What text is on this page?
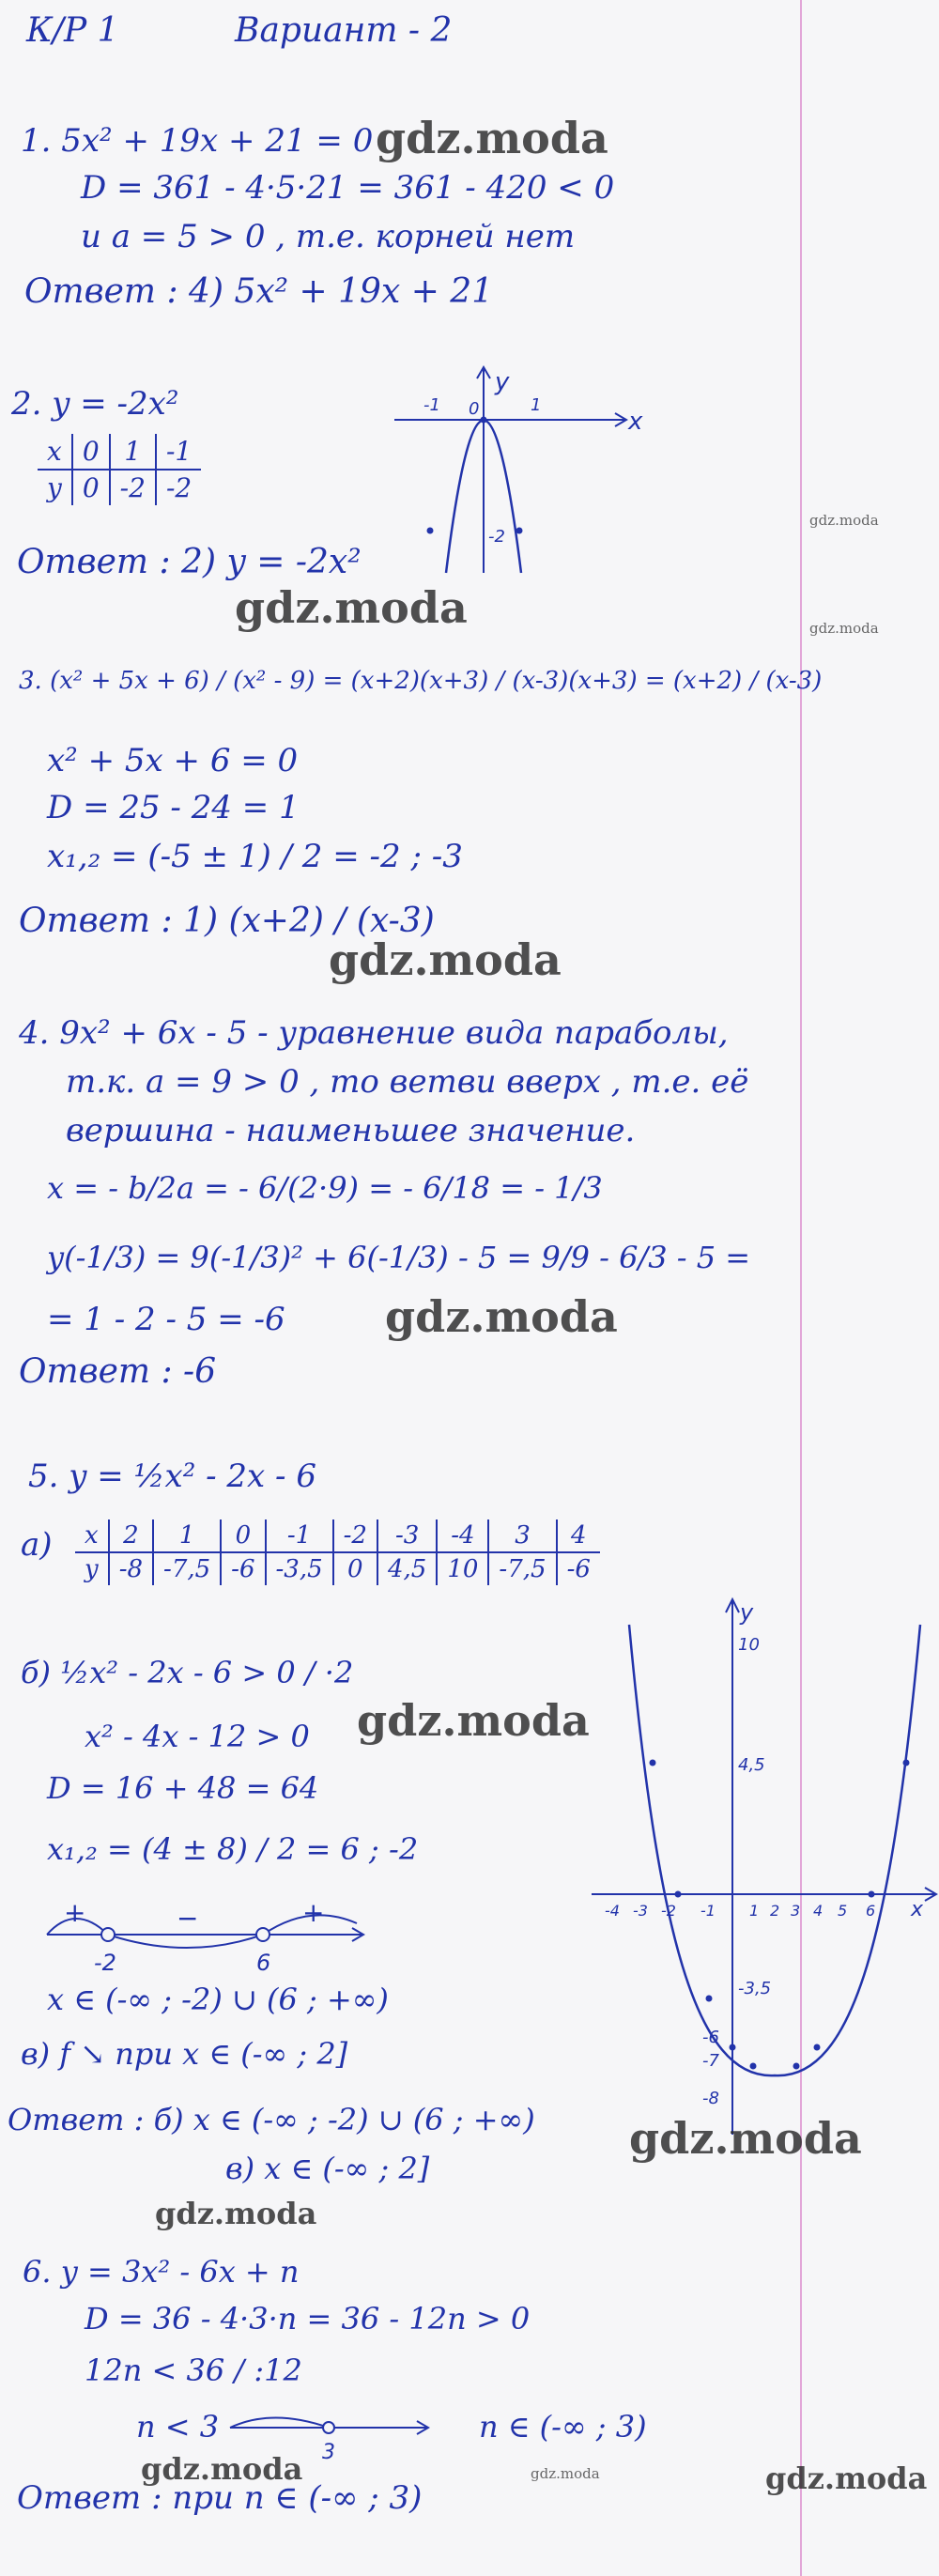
К/Р 1	Вариант - 2
1. 5x² + 19x + 21 = 0
D = 361 - 4·5·21 = 361 - 420 < 0
и a = 5 > 0 , т.е. корней нет
Ответ : 4) 5x² + 19x + 21
2. y = -2x²
x	0	1	-1
y	0	-2	-2
y
x
-1	1
0
-2
Ответ : 2) y = -2x²
3. (x² + 5x + 6) / (x² - 9) = (x+2)(x+3) / (x-3)(x+3) = (x+2) / (x-3)
x² + 5x + 6 = 0
D = 25 - 24 = 1
x₁,₂ = (-5 ± 1) / 2 = -2 ; -3
Ответ : 1) (x+2) / (x-3)
4. 9x² + 6x - 5 - уравнение вида параболы,
т.к. a = 9 > 0 , то ветви вверх , т.е. её
вершина - наименьшее значение.
x = - b/2a = - 6/(2·9) = - 6/18 = - 1/3
y(-1/3) = 9(-1/3)² + 6(-1/3) - 5 = 9/9 - 6/3 - 5 =
= 1 - 2 - 5 = -6
Ответ : -6
5. y = ½x² - 2x - 6
а) x	2	1	0	-1	-2	-3	-4	3	4
y	-8	-7,5	-6	-3,5	0	4,5	10	-7,5	-6
б) ½x² - 2x - 6 > 0 / ·2
x² - 4x - 12 > 0
D = 16 + 48 = 64
x₁,₂ = (4 ± 8) / 2 = 6 ; -2
+	−	+
-2	6
x ∈ (-∞ ; -2) ∪ (6 ; +∞)
в) f ↘ при x ∈ (-∞ ; 2]
Ответ : б) x ∈ (-∞ ; -2) ∪ (6 ; +∞)
в) x ∈ (-∞ ; 2]
y
x
10
4,5
-3,5
-6
-7
-8
-4 -3 -2 -1 1 2 3 4 5 6
6. y = 3x² - 6x + n
D = 36 - 4·3·n = 36 - 12n > 0
12n < 36 / :12
n < 3
3
n ∈ (-∞ ; 3)
Ответ : при n ∈ (-∞ ; 3)
gdz.moda
gdz.moda
gdz.moda
gdz.moda
gdz.moda
gdz.moda
gdz.moda
gdz.moda	gdz.moda
gdz.moda
gdz.moda
gdz.moda
